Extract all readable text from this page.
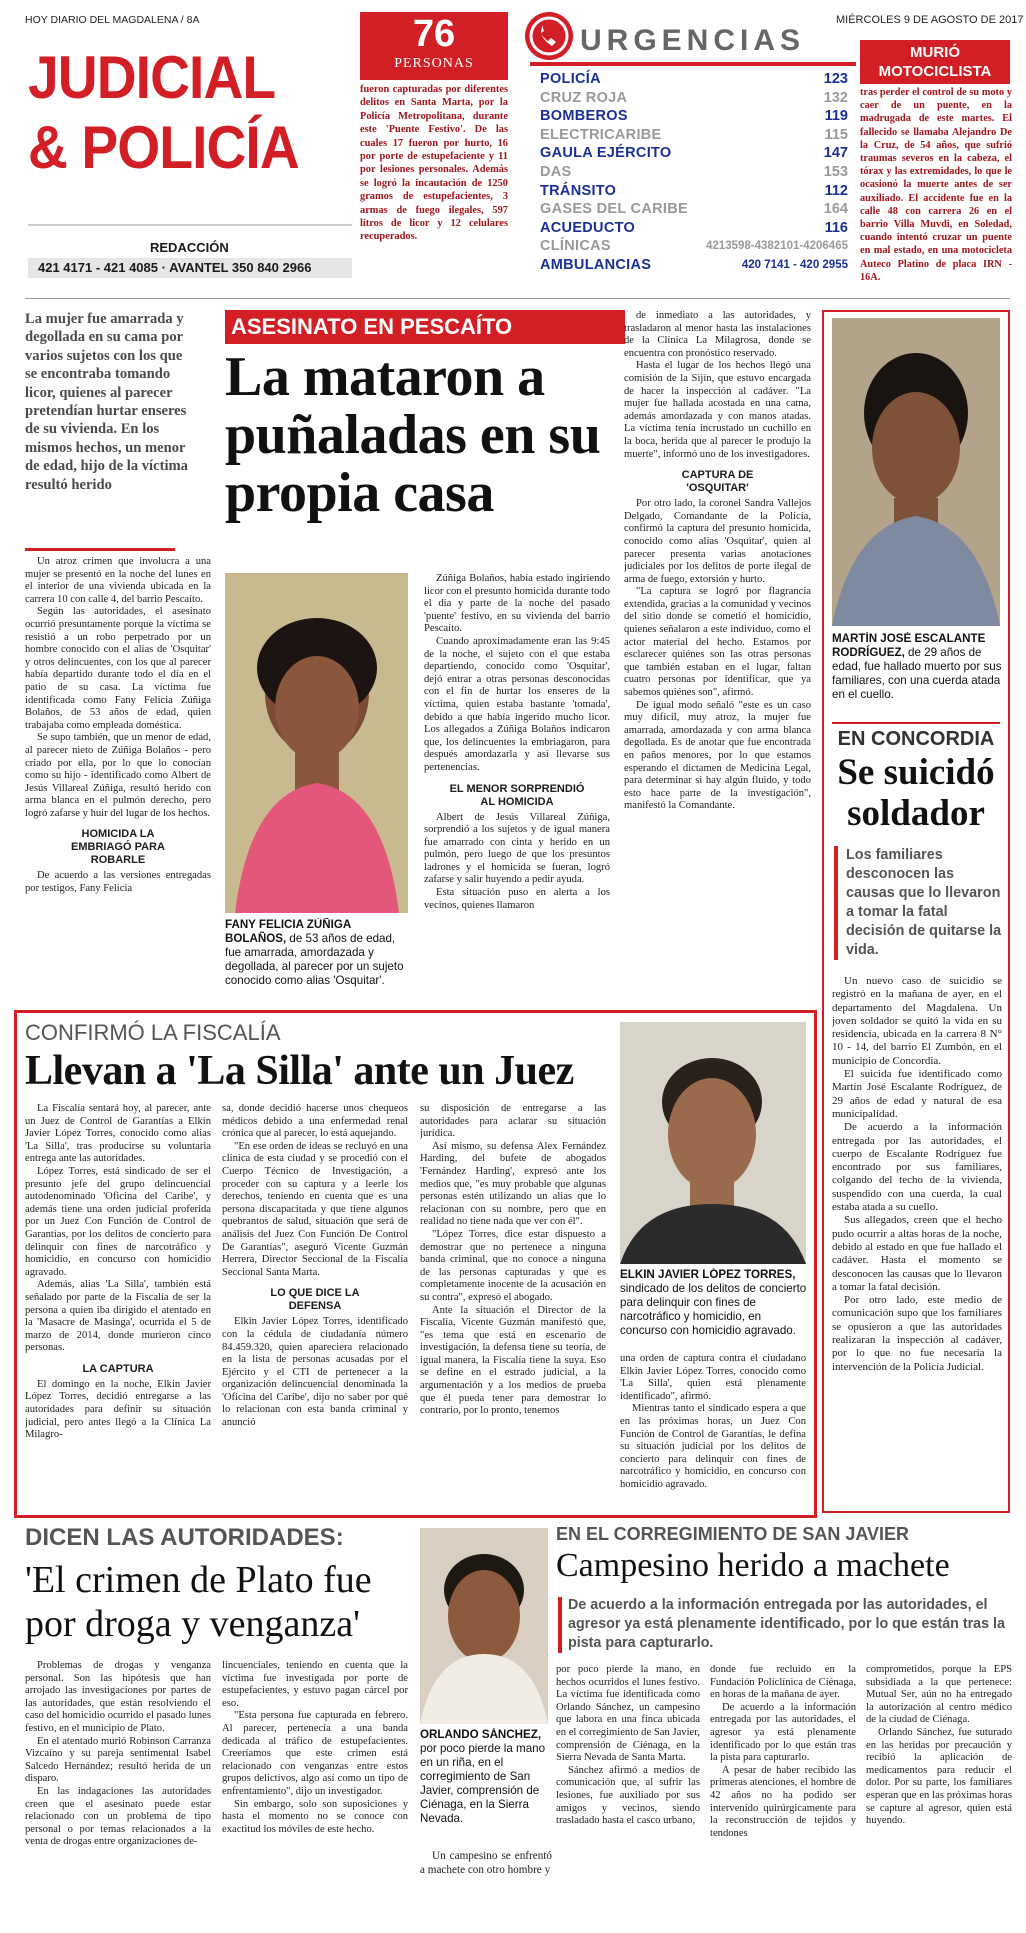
HOY DIARIO DEL MAGDALENA / 8A
JUDICIAL
& POLICÍA
REDACCIÓN
421 4171 - 421 4085 · AVANTEL 350 840 2966
76
PERSONAS
fueron capturadas por diferentes delitos en Santa Marta, por la Policía Metropolitana, durante este 'Puente Festivo'. De las cuales 17 fueron por hurto, 16 por porte de estupefaciente y 11 por lesiones personales. Además se logró la incautación de 1250 gramos de estupefacientes, 3 armas de fuego ilegales, 597 litros de licor y 12 celulares recuperados.
URGENCIAS
POLICÍA	123
CRUZ ROJA	132
BOMBEROS	119
ELECTRICARIBE	115
GAULA EJÉRCITO	147
DAS	153
TRÁNSITO	112
GASES DEL CARIBE	164
ACUEDUCTO	116
CLÍNICAS	4213598-4382101-4206465
AMBULANCIAS	420 7141 - 420 2955
MIÉRCOLES 9 DE AGOSTO DE 2017
MURIÓ MOTOCICLISTA
tras perder el control de su moto y caer de un puente, en la madrugada de este martes. El fallecido se llamaba Alejandro De la Cruz, de 54 años, que sufrió traumas severos en la cabeza, el tórax y las extremidades, lo que le ocasionó la muerte antes de ser auxiliado. El accidente fue en la calle 48 con carrera 26 en el barrio Villa Muvdi, en Soledad, cuando intentó cruzar un puente en mal estado, en una motocicleta Auteco Platino de placa IRN - 16A.
La mujer fue amarrada y degollada en su cama por varios sujetos con los que se encontraba tomando licor, quienes al parecer pretendían hurtar enseres de su vivienda. En los mismos hechos, un menor de edad, hijo de la víctima resultó herido

Un atroz crimen que involucra a una mujer se presentó en la noche del lunes en el interior de una vivienda ubicada en la carrera 10 con calle 4, del barrio Pescaíto.

Según las autoridades, el asesinato ocurrió presuntamente porque la víctima se resistió a un robo perpetrado por un hombre conocido con el alias de 'Osquitar' y otros delincuentes, con los que al parecer había departido durante todo el día en el patio de su casa. La víctima fue identificada como Fany Felicia Zúñiga Bolaños, de 53 años de edad, quien trabajaba como empleada doméstica.

Se supo también, que un menor de edad, al parecer nieto de Zúñiga Bolaños - pero criado por ella, por lo que lo conocían como su hijo - identificado como Albert de Jesús Villareal Zúñiga, resultó herido con arma blanca en el pulmón derecho, pero logró zafarse y huir del lugar de los hechos.

HOMICIDA LA EMBRIAGÓ PARA ROBARLE

De acuerdo a las versiones entregadas por testigos, Fany Felicia

ASESINATO EN PESCAÍTO
La mataron a puñaladas en su propia casa
FANY FELICIA ZÚÑIGA BOLAÑOS, de 53 años de edad, fue amarrada, amordazada y degollada, al parecer por un sujeto conocido como alias 'Osquitar'.

Zúñiga Bolaños, había estado ingiriendo licor con el presunto homicida durante todo el día y parte de la noche del pasado 'puente' festivo, en su vivienda del barrio Pescaíto.

Cuando aproximadamente eran las 9:45 de la noche, el sujeto con el que estaba departiendo, conocido como 'Osquitar', dejó entrar a otras personas desconocidas con el fin de hurtar los enseres de la víctima, quien estaba bastante 'tomada', debido a que había ingerido mucho licor. Los allegados a Zúñiga Bolaños indicaron que, los delincuentes la embriagaron, para después amordazarla y así llevarse sus pertenencias.

EL MENOR SORPRENDIÓ AL HOMICIDA

Albert de Jesús Villareal Zúñiga, sorprendió a los sujetos y de igual manera fue amarrado con cinta y herido en un pulmón, pero luego de que los presuntos ladrones y el homicida se fueran, logró zafarse y salir huyendo a pedir ayuda.

Esta situación puso en alerta a los vecinos, quienes llamaron

de inmediato a las autoridades, y trasladaron al menor hasta las instalaciones de la Clínica La Milagrosa, donde se encuentra con pronóstico reservado.

Hasta el lugar de los hechos llegó una comisión de la Sijín, que estuvo encargada de hacer la inspección al cadáver. "La mujer fue hallada acostada en una cama, además amordazada y con manos atadas. La víctima tenía incrustado un cuchillo en la boca, herida que al parecer le produjo la muerte", informó uno de los investigadores.

CAPTURA DE 'OSQUITAR'

Por otro lado, la coronel Sandra Vallejos Delgado, Comandante de la Policía, confirmó la captura del presunto homicida, conocido como alias 'Osquitar', quien al parecer presenta varias anotaciones judiciales por los delitos de porte ilegal de arma de fuego, extorsión y hurto.

"La captura se logró por flagrancia extendida, gracias a la comunidad y vecinos del sitio donde se cometió el homicidio, quienes señalaron a este individuo, como el actor material del hecho. Estamos por esclarecer quiénes son las otras personas que también estaban en el lugar, faltan cuatro personas por identificar, que ya sabemos quiénes son", afirmó.

De igual modo señaló "este es un caso muy difícil, muy atroz, la mujer fue amarrada, amordazada y con arma blanca degollada. Es de anotar que fue encontrada en paños menores, por lo que estamos esperando el dictamen de Medicina Legal, para determinar si hay algún fluido, y todo esto hace parte de la investigación", manifestó la Comandante.

MARTÍN JOSÉ ESCALANTE RODRÍGUEZ, de 29 años de edad, fue hallado muerto por sus familiares, con una cuerda atada en el cuello.
EN CONCORDIA
Se suicidó soldador
Los familiares desconocen las causas que lo llevaron a tomar la fatal decisión de quitarse la vida.

Un nuevo caso de suicidio se registró en la mañana de ayer, en el departamento del Magdalena. Un joven soldador se quitó la vida en su residencia, ubicada en la carrera 8 N° 10 - 14, del barrio El Zumbón, en el municipio de Concordia.

El suicida fue identificado como Martín José Escalante Rodríguez, de 29 años de edad y natural de esa municipalidad.

De acuerdo a la información entregada por las autoridades, el cuerpo de Escalante Rodríguez fue encontrado por sus familiares, colgando del techo de la vivienda, suspendido con una cuerda, la cual estaba atada a su cuello.

Sus allegados, creen que el hecho pudo ocurrir a altas horas de la noche, debido al estado en que fue hallado el cadáver. Hasta el momento se desconocen las causas que lo llevaron a tomar la fatal decisión.

Por otro lado, este medio de comunicación supo que los familiares se opusieron a que las autoridades realizaran la inspección al cadáver, por lo que no fue necesaria la intervención de la Policía Judicial.

CONFIRMÓ LA FISCALÍA
Llevan a 'La Silla' ante un Juez

La Fiscalía sentará hoy, al parecer, ante un Juez de Control de Garantías a Elkin Javier López Torres, conocido como alias 'La Silla', tras producirse su voluntaria entrega ante las autoridades.

López Torres, está sindicado de ser el presunto jefe del grupo delincuencial autodenominado 'Oficina del Caribe', y además tiene una orden judicial proferida por un Juez Con Función de Control de Garantías, por los delitos de concierto para delinquir con fines de narcotráfico y homicidio, en concurso con homicidio agravado.

Además, alias 'La Silla', también está señalado por parte de la Fiscalía de ser la persona a quien iba dirigido el atentado en la 'Masacre de Masinga', ocurrida el 5 de marzo de 2014, donde murieron cinco personas.

LA CAPTURA

El domingo en la noche, Elkin Javier López Torres, decidió entregarse a las autoridades para definir su situación judicial, pero antes llegó a la Clínica La Milagro-

sa, donde decidió hacerse unos chequeos médicos debido a una enfermedad renal crónica que al parecer, lo está aquejando.

"En ese orden de ideas se recluyó en una clínica de esta ciudad y se procedió con el Cuerpo Técnico de Investigación, a proceder con su captura y a leerle los derechos, teniendo en cuenta que es una persona discapacitada y que tiene algunos quebrantos de salud, situación que será de análisis del Juez Con Función De Control De Garantías", aseguró Vicente Guzmán Herrera, Director Seccional de la Fiscalía Seccional Santa Marta.

LO QUE DICE LA DEFENSA

Elkin Javier López Torres, identificado con la cédula de ciudadanía número 84.459.320, quien apareciera relacionado en la lista de personas acusadas por el Ejército y el CTI de pertenecer a la organización delincuencial denominada la 'Oficina del Caribe', dijo no saber por qué lo relacionan con esta banda criminal y anunció

su disposición de entregarse a las autoridades para aclarar su situación jurídica.

Así mismo, su defensa Alex Fernández Harding, del bufete de abogados 'Fernández Harding', expresó ante los medios que, "es muy probable que algunas personas estén utilizando un alias que lo relacionan con su nombre, pero que en realidad no tiene nada que ver con él".

"López Torres, dice estar dispuesto a demostrar que no pertenece a ninguna banda criminal, que no conoce a ninguna de las personas capturadas y que es completamente inocente de la acusación en su contra", expresó el abogado.

Ante la situación el Director de la Fiscalía, Vicente Guzmán manifestó que, "es tema que está en escenario de investigación, la defensa tiene su teoría, de igual manera, la Fiscalía tiene la suya. Eso se define en el estrado judicial, a la argumentación y a los medios de prueba que él pueda tener para demostrar lo contrario, por lo pronto, tenemos

ELKIN JAVIER LÓPEZ TORRES, sindicado de los delitos de concierto para delinquir con fines de narcotráfico y homicidio, en concurso con homicidio agravado.

una orden de captura contra el ciudadano Elkin Javier López Torres, conocido como 'La Silla', quien está plenamente identificado", afirmó.

Mientras tanto el sindicado espera a que en las próximas horas, un Juez Con Función de Control de Garantías, le defina su situación judicial por los delitos de concierto para delinquir con fines de narcotráfico y homicidio, en concurso con homicidio agravado.

DICEN LAS AUTORIDADES:
'El crimen de Plato fue por droga y venganza'

Problemas de drogas y venganza personal. Son las hipótesis que han arrojado las investigaciones por partes de las autoridades, que están resolviendo el caso del homicidio ocurrido el pasado lunes festivo, en el municipio de Plato.

En el atentado murió Robinson Carranza Vizcaíno y su pareja sentimental Isabel Salcedo Hernández; resultó herida de un disparo.

En las indagaciones las autoridades creen que el asesinato puede estar relacionado con un problema de tipo personal o por temas relacionados a la venta de drogas entre organizaciones de-

lincuenciales, teniendo en cuenta que la víctima fue investigada por porte de estupefacientes, y estuvo pagan cárcel por eso.

"Esta persona fue capturada en febrero. Al parecer, pertenecía a una banda dedicada al tráfico de estupefacientes. Creeríamos que este crimen está relacionado con venganzas entre estos grupos delictivos, algo así como un tipo de enfrentamiento", dijo un investigador.

Sin embargo, solo son suposiciones y hasta el momento no se conoce con exactitud los móviles de este hecho.

ORLANDO SÁNCHEZ, por poco pierde la mano en un riña, en el corregimiento de San Javier, comprensión de Ciénaga, en la Sierra Nevada.

Un campesino se enfrentó a machete con otro hombre y

EN EL CORREGIMIENTO DE SAN JAVIER
Campesino herido a machete
De acuerdo a la información entregada por las autoridades, el agresor ya está plenamente identificado, por lo que están tras la pista para capturarlo.

por poco pierde la mano, en hechos ocurridos el lunes festivo. La víctima fue identificada como Orlando Sánchez, un campesino que labora en una finca ubicada en el corregimiento de San Javier, comprensión de Ciénaga, en la Sierra Nevada de Santa Marta.

Sánchez afirmó a medios de comunicación que, al sufrir las lesiones, fue auxiliado por sus amigos y vecinos, siendo trasladado hasta el casco urbano,

donde fue recluido en la Fundación Policlínica de Ciénaga, en horas de la mañana de ayer.

De acuerdo a la información entregada por las autoridades, el agresor ya está plenamente identificado por lo que están tras la pista para capturarlo.

A pesar de haber recibido las primeras atenciones, el hombre de 42 años no ha podido ser intervenido quirúrgicamente para la reconstrucción de tejidos y tendones

comprometidos, porque la EPS subsidiada a la que pertenece: Mutual Ser, aún no ha entregado la autorización al centro médico de la ciudad de Ciénaga.

Orlando Sánchez, fue suturado en las heridas por precaución y recibió la aplicación de medicamentos para reducir el dolor. Por su parte, los familiares esperan que en las próximas horas se capture al agresor, quien está huyendo.
